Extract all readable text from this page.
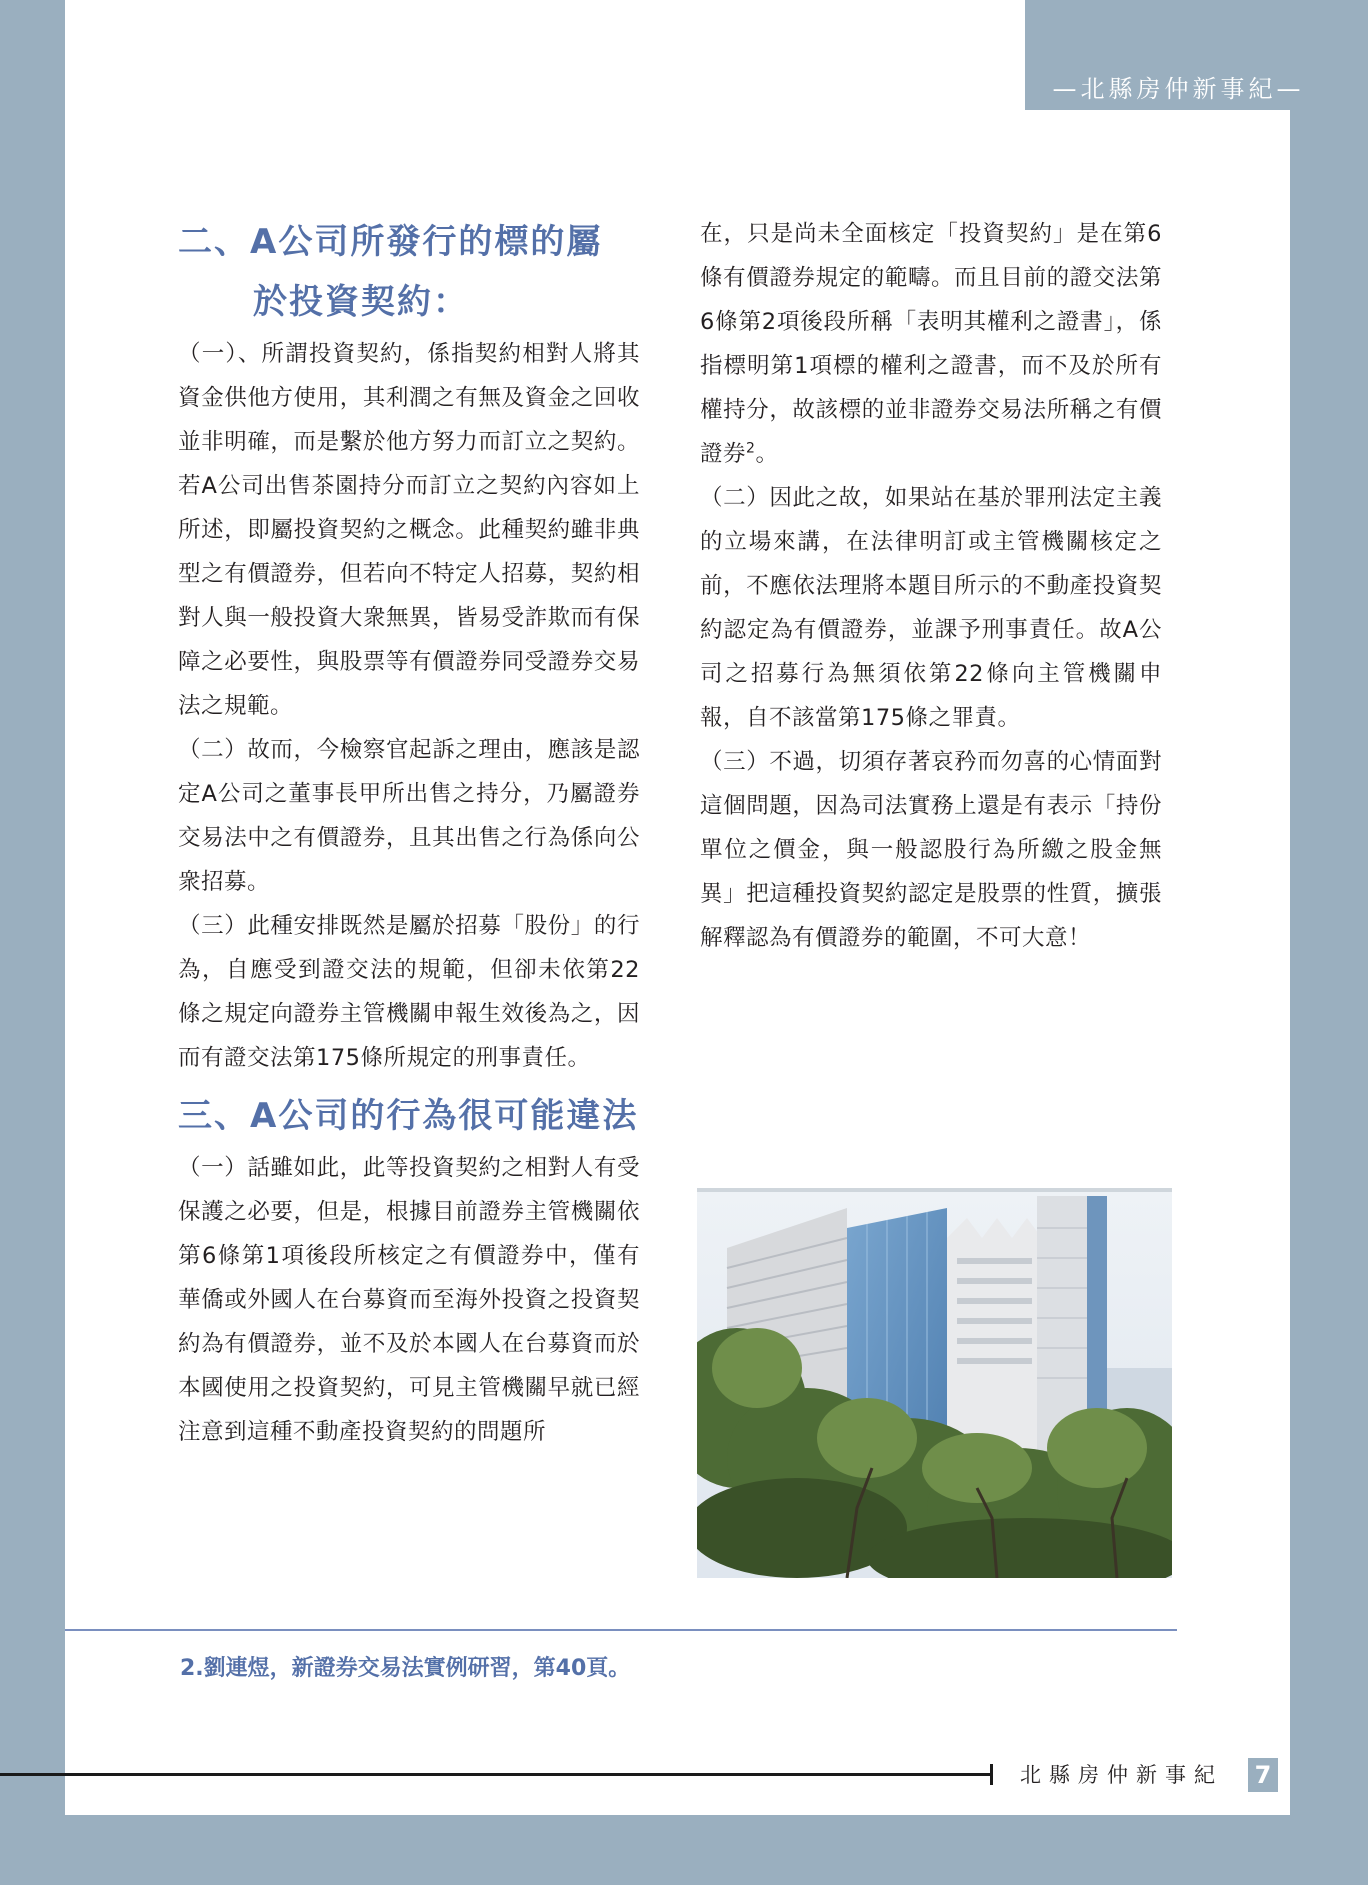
—北縣房仲新事紀—
二、A公司所發行的標的屬
於投資契約：

（一）、所謂投資契約，係指契約相對人將其資金供他方使用，其利潤之有無及資金之回收並非明確，而是繫於他方努力而訂立之契約。若A公司出售茶園持分而訂立之契約內容如上所述，即屬投資契約之概念。此種契約雖非典型之有價證券，但若向不特定人招募，契約相對人與一般投資大衆無異，皆易受詐欺而有保障之必要性，與股票等有價證券同受證券交易法之規範。

（二）故而，今檢察官起訴之理由，應該是認定A公司之董事長甲所出售之持分，乃屬證券交易法中之有價證券，且其出售之行為係向公衆招募。

（三）此種安排既然是屬於招募「股份」的行為，自應受到證交法的規範，但卻未依第22條之規定向證券主管機關申報生效後為之，因而有證交法第175條所規定的刑事責任。

三、A公司的行為很可能違法

（一）話雖如此，此等投資契約之相對人有受保護之必要，但是，根據目前證券主管機關依第6條第1項後段所核定之有價證券中，僅有華僑或外國人在台募資而至海外投資之投資契約為有價證券，並不及於本國人在台募資而於本國使用之投資契約，可見主管機關早就已經注意到這種不動產投資契約的問題所

在，只是尚未全面核定「投資契約」是在第6條有價證券規定的範疇。而且目前的證交法第6條第2項後段所稱「表明其權利之證書」，係指標明第1項標的權利之證書，而不及於所有權持分，故該標的並非證券交易法所稱之有價證券$^2$。

（二）因此之故，如果站在基於罪刑法定主義的立場來講，在法律明訂或主管機關核定之前，不應依法理將本題目所示的不動產投資契約認定為有價證券，並課予刑事責任。故A公司之招募行為無須依第22條向主管機關申報，自不該當第175條之罪責。

（三）不過，切須存著哀矜而勿喜的心情面對這個問題，因為司法實務上還是有表示「持份單位之價金，與一般認股行為所繳之股金無異」把這種投資契約認定是股票的性質，擴張解釋認為有價證券的範圍，不可大意！

2.劉連煜，新證券交易法實例研習，第40頁。
北縣房仲新事紀 7
